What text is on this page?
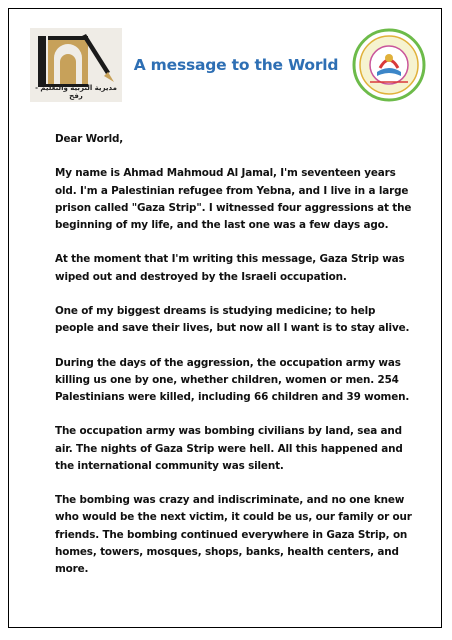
مديرية التربية والتعليم - رفح
A message to the World

Dear World,

My name is Ahmad Mahmoud Al Jamal, I'm seventeen years old. I'm a Palestinian refugee from Yebna, and I live in a large prison called "Gaza Strip". I witnessed four aggressions at the beginning of my life, and the last one was a few days ago.

At the moment that I'm writing this message, Gaza Strip was wiped out and destroyed by the Israeli occupation.

One of my biggest dreams is studying medicine; to help people and save their lives, but now all I want is to stay alive.

During the days of the aggression, the occupation army was killing us one by one, whether children, women or men. 254 Palestinians were killed, including 66 children and 39 women.

The occupation army was bombing civilians by land, sea and air. The nights of Gaza Strip were hell. All this happened and the international community was silent.

The bombing was crazy and indiscriminate, and no one knew who would be the next victim, it could be us, our family or our friends. The bombing continued everywhere in Gaza Strip, on homes, towers, mosques, shops, banks, health centers, and more.
